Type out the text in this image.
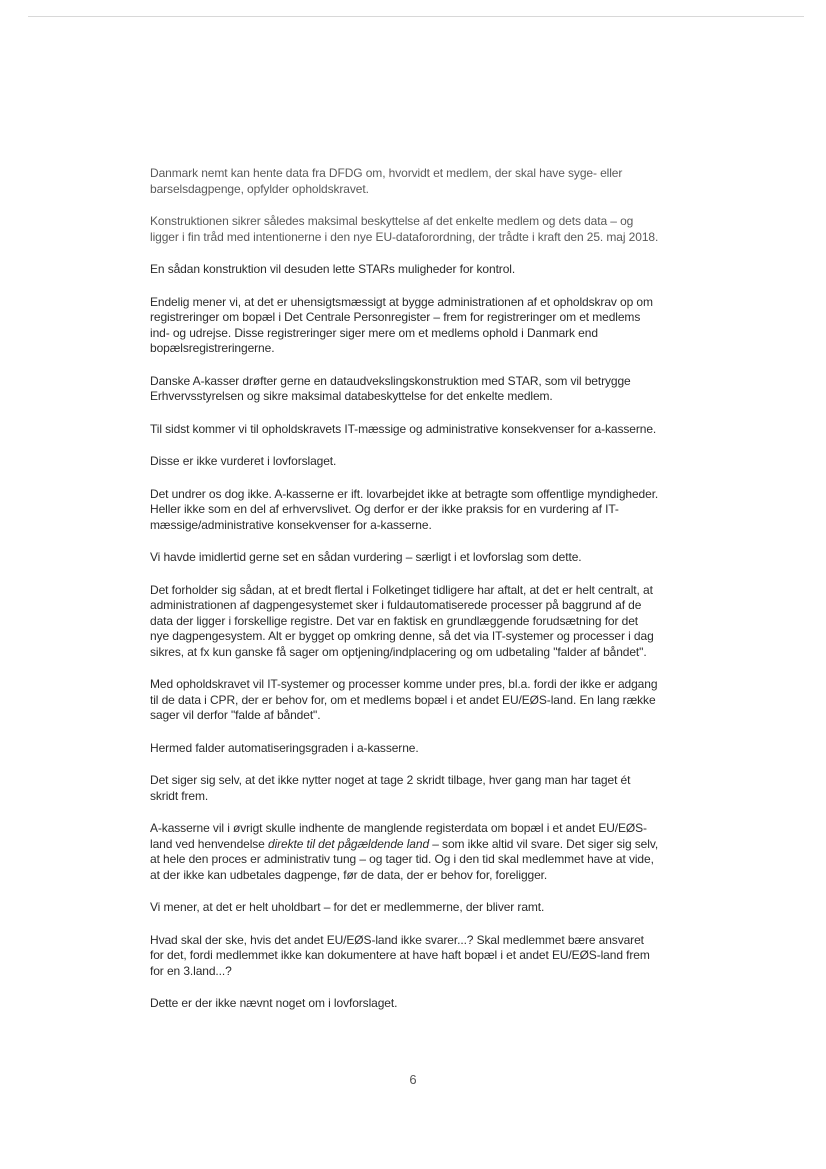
Danmark nemt kan hente data fra DFDG om, hvorvidt et medlem, der skal have syge- eller barselsdagpenge, opfylder opholdskravet.

Konstruktionen sikrer således maksimal beskyttelse af det enkelte medlem og dets data – og ligger i fin tråd med intentionerne i den nye EU-dataforordning, der trådte i kraft den 25. maj 2018.

En sådan konstruktion vil desuden lette STARs muligheder for kontrol.

Endelig mener vi, at det er uhensigtsmæssigt at bygge administrationen af et opholdskrav op om registreringer om bopæl i Det Centrale Personregister – frem for registreringer om et medlems ind- og udrejse. Disse registreringer siger mere om et medlems ophold i Danmark end bopælsregistreringerne.

Danske A-kasser drøfter gerne en dataudvekslingskonstruktion med STAR, som vil betrygge Erhvervsstyrelsen og sikre maksimal databeskyttelse for det enkelte medlem.

Til sidst kommer vi til opholdskravets IT-mæssige og administrative konsekvenser for a-kasserne.

Disse er ikke vurderet i lovforslaget.

Det undrer os dog ikke. A-kasserne er ift. lovarbejdet ikke at betragte som offentlige myndigheder. Heller ikke som en del af erhvervslivet. Og derfor er der ikke praksis for en vurdering af IT-mæssige/administrative konsekvenser for a-kasserne.

Vi havde imidlertid gerne set en sådan vurdering – særligt i et lovforslag som dette.

Det forholder sig sådan, at et bredt flertal i Folketinget tidligere har aftalt, at det er helt centralt, at administrationen af dagpengesystemet sker i fuldautomatiserede processer på baggrund af de data der ligger i forskellige registre. Det var en faktisk en grundlæggende forudsætning for det nye dagpengesystem. Alt er bygget op omkring denne, så det via IT-systemer og processer i dag sikres, at fx kun ganske få sager om optjening/indplacering og om udbetaling "falder af båndet".

Med opholdskravet vil IT-systemer og processer komme under pres, bl.a. fordi der ikke er adgang til de data i CPR, der er behov for, om et medlems bopæl i et andet EU/EØS-land. En lang række sager vil derfor "falde af båndet".

Hermed falder automatiseringsgraden i a-kasserne.

Det siger sig selv, at det ikke nytter noget at tage 2 skridt tilbage, hver gang man har taget ét skridt frem.

A-kasserne vil i øvrigt skulle indhente de manglende registerdata om bopæl i et andet EU/EØS-land ved henvendelse direkte til det pågældende land – som ikke altid vil svare. Det siger sig selv, at hele den proces er administrativ tung – og tager tid. Og i den tid skal medlemmet have at vide, at der ikke kan udbetales dagpenge, før de data, der er behov for, foreligger.

Vi mener, at det er helt uholdbart – for det er medlemmerne, der bliver ramt.

Hvad skal der ske, hvis det andet EU/EØS-land ikke svarer...? Skal medlemmet bære ansvaret for det, fordi medlemmet ikke kan dokumentere at have haft bopæl i et andet EU/EØS-land frem for en 3.land...?

Dette er der ikke nævnt noget om i lovforslaget.

6
